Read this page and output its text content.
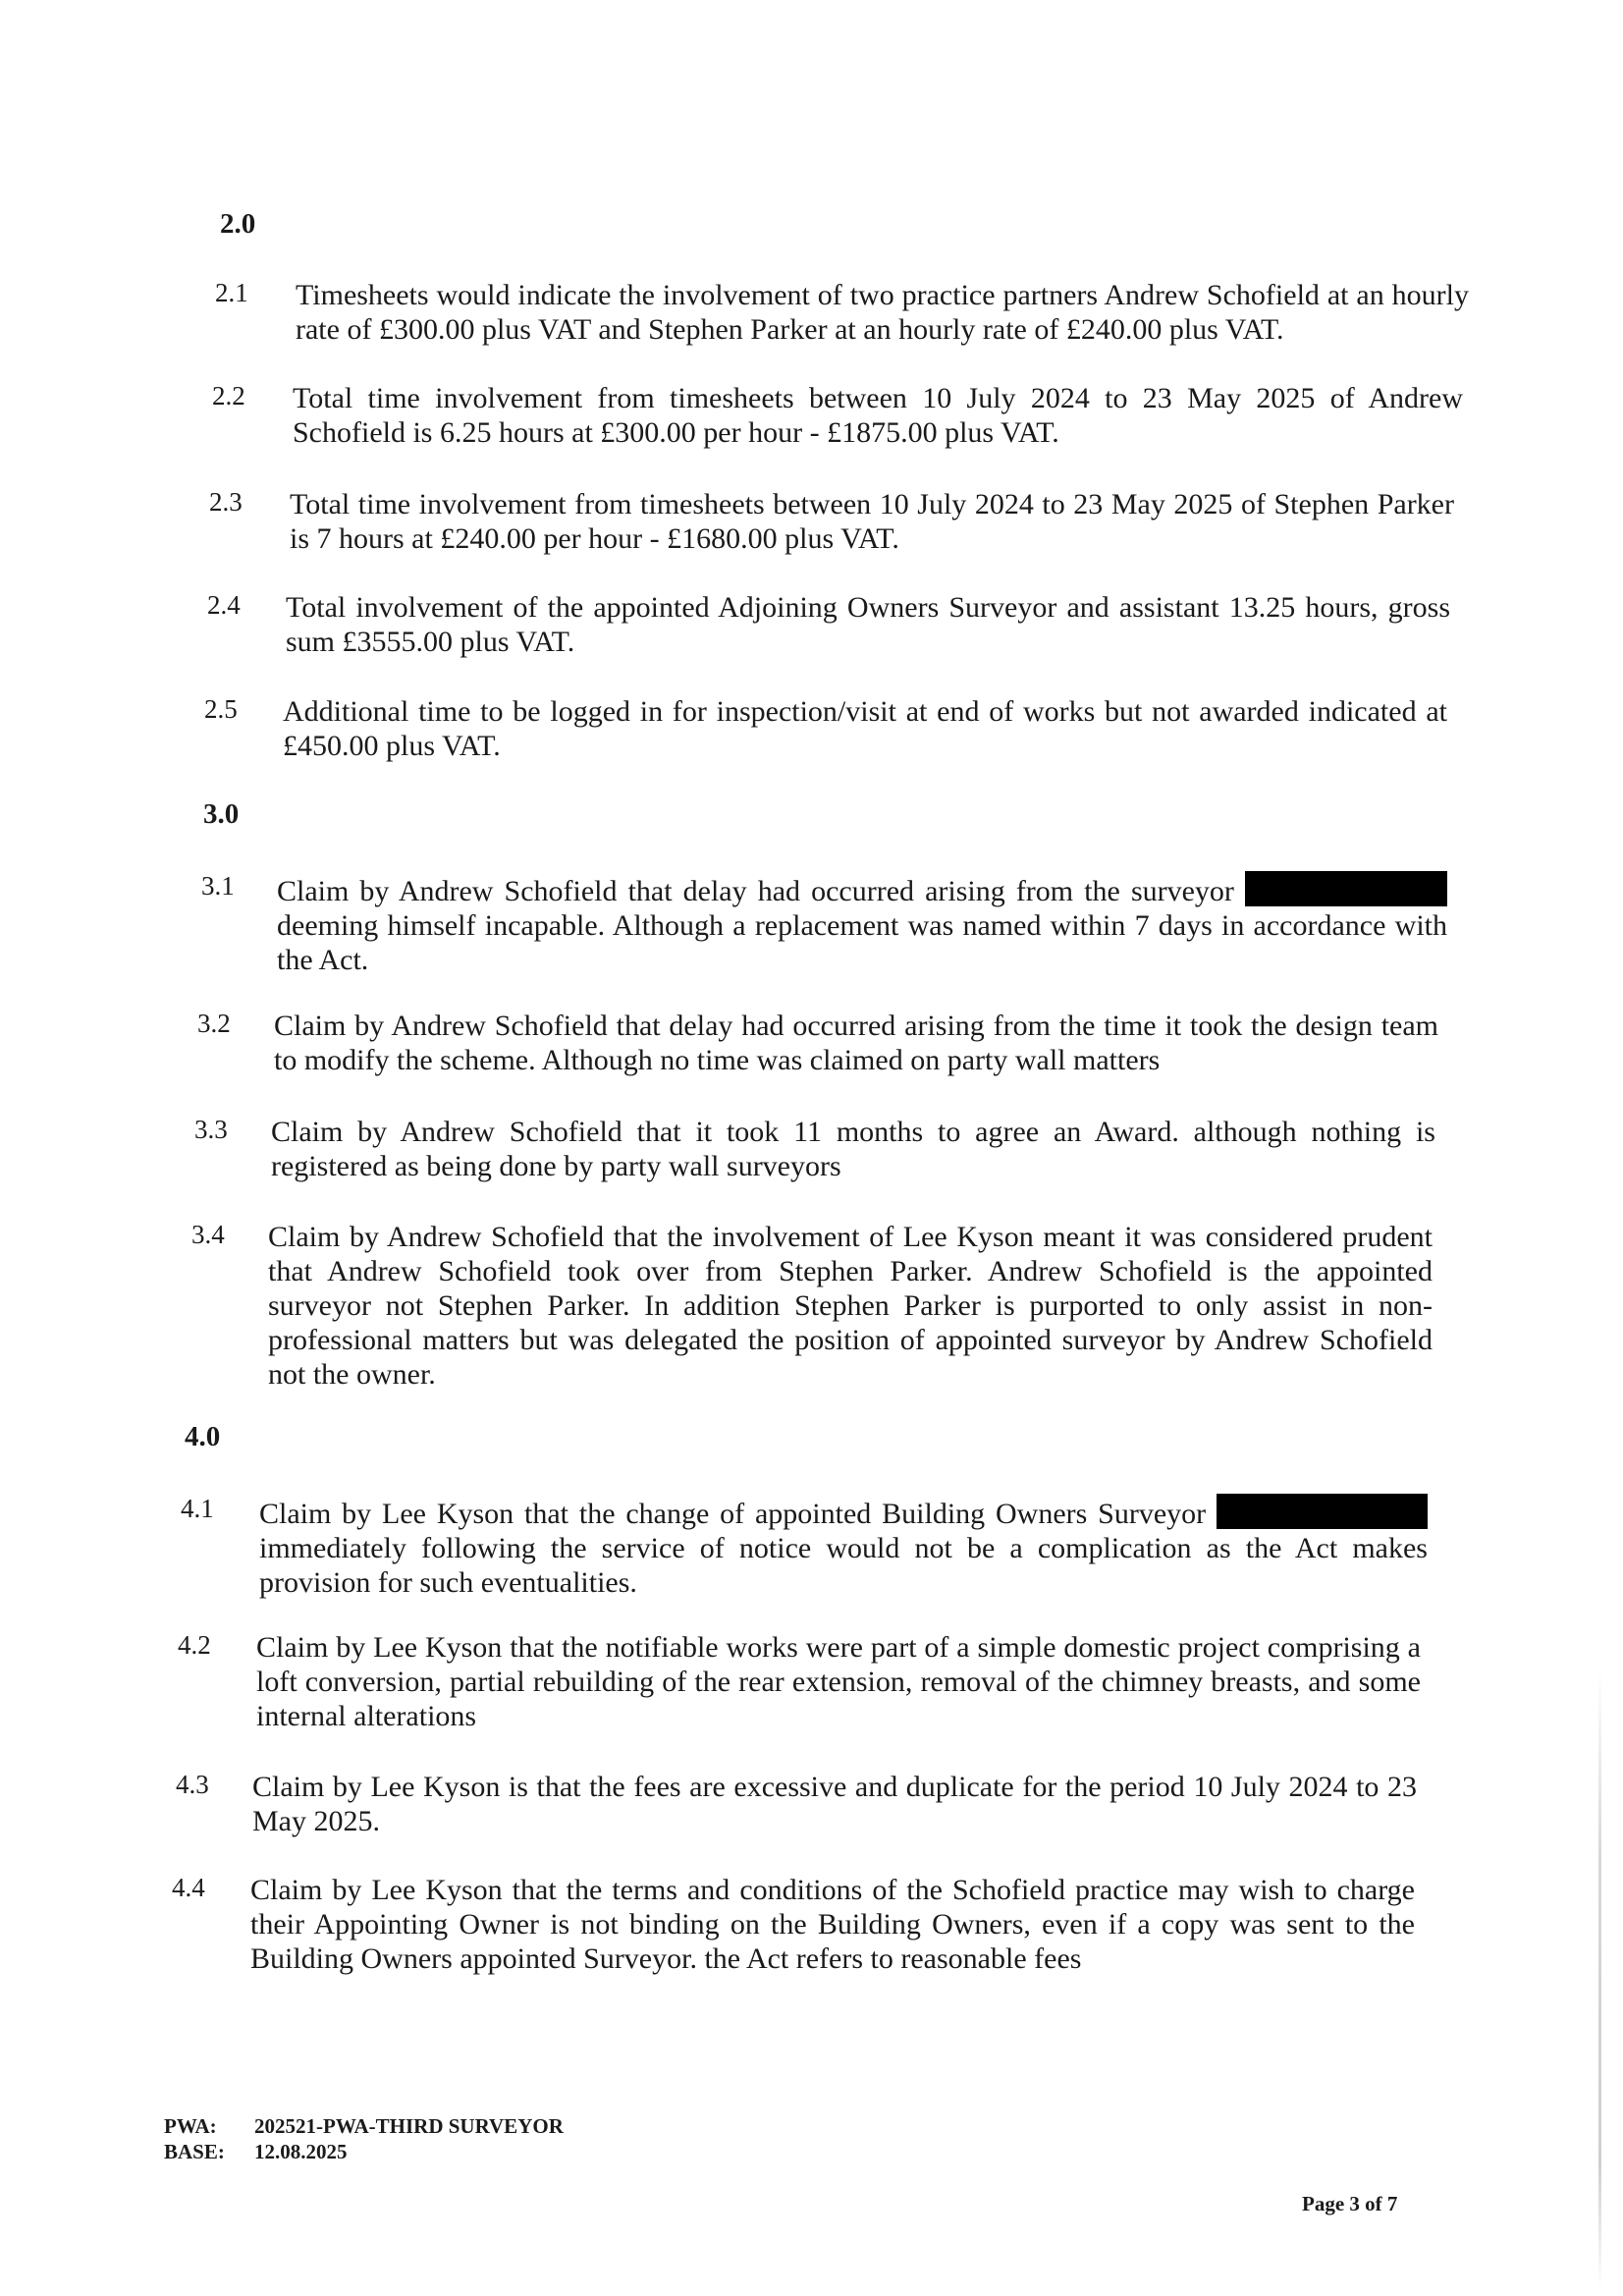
2.0
2.1 Timesheets would indicate the involvement of two practice partners Andrew Schofield at an hourly rate of £300.00 plus VAT and Stephen Parker at an hourly rate of £240.00 plus VAT.
2.2 Total time involvement from timesheets between 10 July 2024 to 23 May 2025 of Andrew Schofield is 6.25 hours at £300.00 per hour - £1875.00 plus VAT.
2.3 Total time involvement from timesheets between 10 July 2024 to 23 May 2025 of Stephen Parker is 7 hours at £240.00 per hour - £1680.00 plus VAT.
2.4 Total involvement of the appointed Adjoining Owners Surveyor and assistant 13.25 hours, gross sum £3555.00 plus VAT.
2.5 Additional time to be logged in for inspection/visit at end of works but not awarded indicated at £450.00 plus VAT.
3.0
3.1 Claim by Andrew Schofield that delay had occurred arising from the surveyor  deeming himself incapable. Although a replacement was named within 7 days in accordance with the Act.
3.2 Claim by Andrew Schofield that delay had occurred arising from the time it took the design team to modify the scheme. Although no time was claimed on party wall matters
3.3 Claim by Andrew Schofield that it took 11 months to agree an Award. although nothing is registered as being done by party wall surveyors
3.4 Claim by Andrew Schofield that the involvement of Lee Kyson meant it was considered prudent that Andrew Schofield took over from Stephen Parker. Andrew Schofield is the appointed surveyor not Stephen Parker. In addition Stephen Parker is purported to only assist in non-professional matters but was delegated the position of appointed surveyor by Andrew Schofield not the owner.
4.0
4.1 Claim by Lee Kyson that the change of appointed Building Owners Surveyor  immediately following the service of notice would not be a complication as the Act makes provision for such eventualities.
4.2 Claim by Lee Kyson that the notifiable works were part of a simple domestic project comprising a loft conversion, partial rebuilding of the rear extension, removal of the chimney breasts, and some internal alterations
4.3 Claim by Lee Kyson is that the fees are excessive and duplicate for the period 10 July 2024 to 23 May 2025.
4.4 Claim by Lee Kyson that the terms and conditions of the Schofield practice may wish to charge their Appointing Owner is not binding on the Building Owners, even if a copy was sent to the Building Owners appointed Surveyor. the Act refers to reasonable fees
PWA:	202521-PWA-THIRD SURVEYOR
BASE:	12.08.2025
Page 3 of 7
